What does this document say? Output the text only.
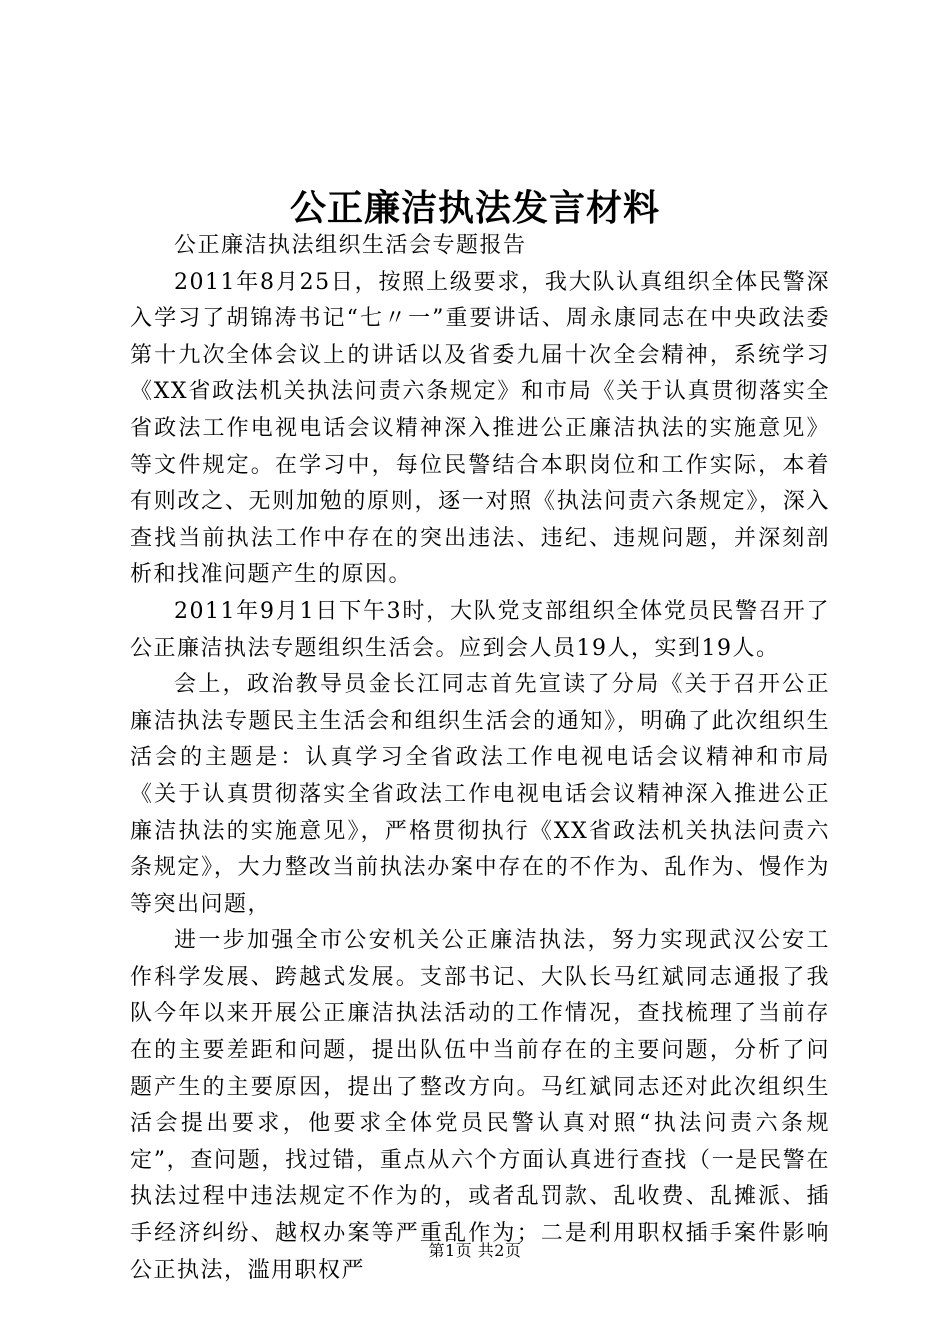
公正廉洁执法发言材料

公正廉洁执法组织生活会专题报告

2011年8月25日，按照上级要求，我大队认真组织全体民警深入学习了胡锦涛书记“七〃一”重要讲话、周永康同志在中央政法委第十九次全体会议上的讲话以及省委九届十次全会精神，系统学习《XX省政法机关执法问责六条规定》和市局《关于认真贯彻落实全省政法工作电视电话会议精神深入推进公正廉洁执法的实施意见》等文件规定。在学习中，每位民警结合本职岗位和工作实际，本着有则改之、无则加勉的原则，逐一对照《执法问责六条规定》，深入查找当前执法工作中存在的突出违法、违纪、违规问题，并深刻剖析和找准问题产生的原因。

2011年9月1日下午3时，大队党支部组织全体党员民警召开了公正廉洁执法专题组织生活会。应到会人员19人，实到19人。

会上，政治教导员金长江同志首先宣读了分局《关于召开公正廉洁执法专题民主生活会和组织生活会的通知》，明确了此次组织生活会的主题是：认真学习全省政法工作电视电话会议精神和市局《关于认真贯彻落实全省政法工作电视电话会议精神深入推进公正廉洁执法的实施意见》，严格贯彻执行《XX省政法机关执法问责六条规定》，大力整改当前执法办案中存在的不作为、乱作为、慢作为等突出问题，

进一步加强全市公安机关公正廉洁执法，努力实现武汉公安工作科学发展、跨越式发展。支部书记、大队长马红斌同志通报了我队今年以来开展公正廉洁执法活动的工作情况，查找梳理了当前存在的主要差距和问题，提出队伍中当前存在的主要问题，分析了问题产生的主要原因，提出了整改方向。马红斌同志还对此次组织生活会提出要求，他要求全体党员民警认真对照“执法问责六条规定”，查问题，找过错，重点从六个方面认真进行查找（一是民警在执法过程中违法规定不作为的，或者乱罚款、乱收费、乱摊派、插手经济纠纷、越权办案等严重乱作为；二是利用职权插手案件影响公正执法，滥用职权严

第1页 共2页
